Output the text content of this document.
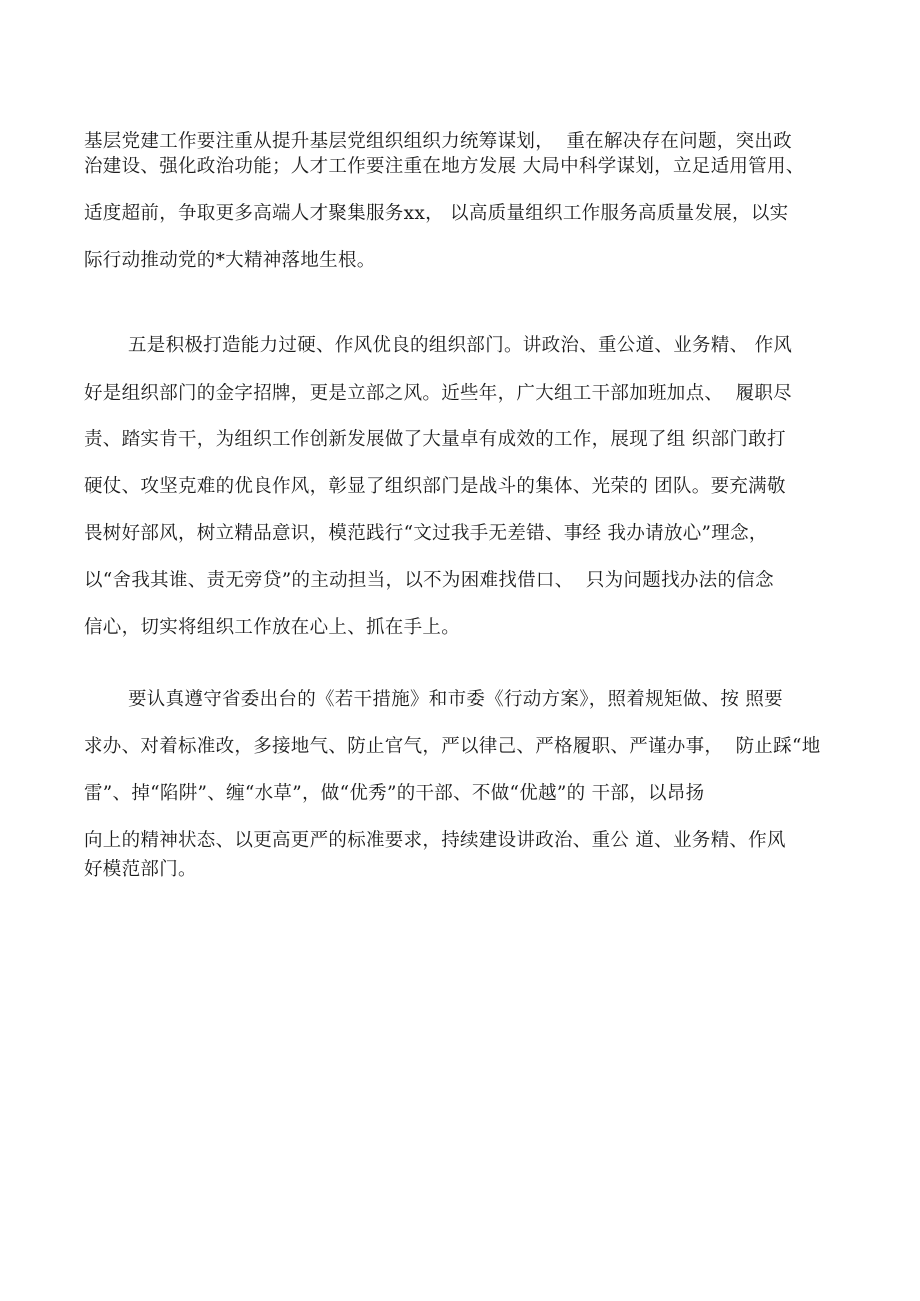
基层党建工作要注重从提升基层党组织组织力统筹谋划，  重在解决存在问题，突出政
治建设、强化政治功能；人才工作要注重在地方发展 大局中科学谋划，立足适用管用、
适度超前，争取更多高端人才聚集服务xx， 以高质量组织工作服务高质量发展，以实
际行动推动党的*大精神落地生根。
五是积极打造能力过硬、作风优良的组织部门。讲政治、重公道、业务精、 作风
好是组织部门的金字招牌，更是立部之风。近些年，广大组工干部加班加点、  履职尽
责、踏实肯干，为组织工作创新发展做了大量卓有成效的工作，展现了组 织部门敢打
硬仗、攻坚克难的优良作风，彰显了组织部门是战斗的集体、光荣的 团队。要充满敬
畏树好部风，树立精品意识，模范践行“文过我手无差错、事经 我办请放心”理念，
以“舍我其谁、责无旁贷”的主动担当，以不为困难找借口、  只为问题找办法的信念
信心，切实将组织工作放在心上、抓在手上。
要认真遵守省委出台的《若干措施》和市委《行动方案》，照着规矩做、按 照要
求办、对着标准改，多接地气、防止官气，严以律己、严格履职、严谨办事，  防止踩“地
雷”、掉“陷阱”、缠“水草”，做“优秀”的干部、不做“优越”的 干部，以昂扬
向上的精神状态、以更高更严的标准要求，持续建设讲政治、重公 道、业务精、作风
好模范部门。
